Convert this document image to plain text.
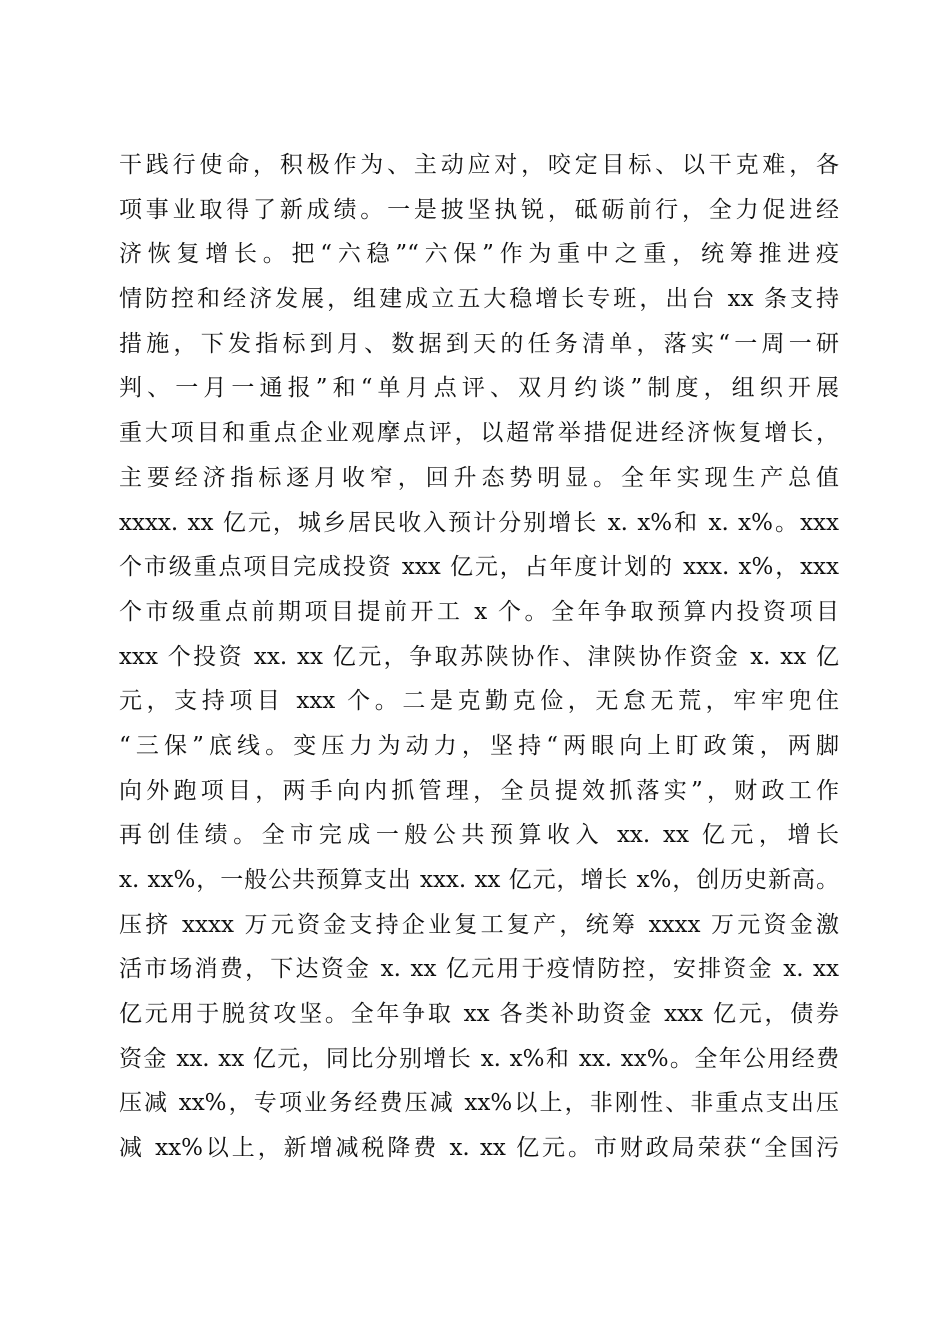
干践行使命，积极作为、主动应对，咬定目标、以干克难，各
项事业取得了新成绩。一是披坚执锐，砥砺前行，全力促进经
济恢复增长。把“六稳”“六保”作为重中之重，统筹推进疫
情防控和经济发展，组建成立五大稳增长专班，出台 xx 条支持
措施，下发指标到月、数据到天的任务清单，落实“一周一研
判、一月一通报”和“单月点评、双月约谈”制度，组织开展
重大项目和重点企业观摩点评，以超常举措促进经济恢复增长，
主要经济指标逐月收窄，回升态势明显。全年实现生产总值
xxxx. xx 亿元，城乡居民收入预计分别增长 x. x%和 x. x%。xxx
个市级重点项目完成投资 xxx 亿元，占年度计划的 xxx. x%，xxx
个市级重点前期项目提前开工 x 个。全年争取预算内投资项目
xxx 个投资 xx. xx 亿元，争取苏陕协作、津陕协作资金 x. xx 亿
元，支持项目 xxx 个。二是克勤克俭，无怠无荒，牢牢兜住
“三保”底线。变压力为动力，坚持“两眼向上盯政策，两脚
向外跑项目，两手向内抓管理，全员提效抓落实”，财政工作
再创佳绩。全市完成一般公共预算收入 xx. xx 亿元，增长
x. xx%，一般公共预算支出 xxx. xx 亿元，增长 x%，创历史新高。
压挤 xxxx 万元资金支持企业复工复产，统筹 xxxx 万元资金激
活市场消费，下达资金 x. xx 亿元用于疫情防控，安排资金 x. xx
亿元用于脱贫攻坚。全年争取 xx 各类补助资金 xxx 亿元，债券
资金 xx. xx 亿元，同比分别增长 x. x%和 xx. xx%。全年公用经费
压减 xx%，专项业务经费压减 xx%以上，非刚性、非重点支出压
减 xx%以上，新增减税降费 x. xx 亿元。市财政局荣获“全国污
